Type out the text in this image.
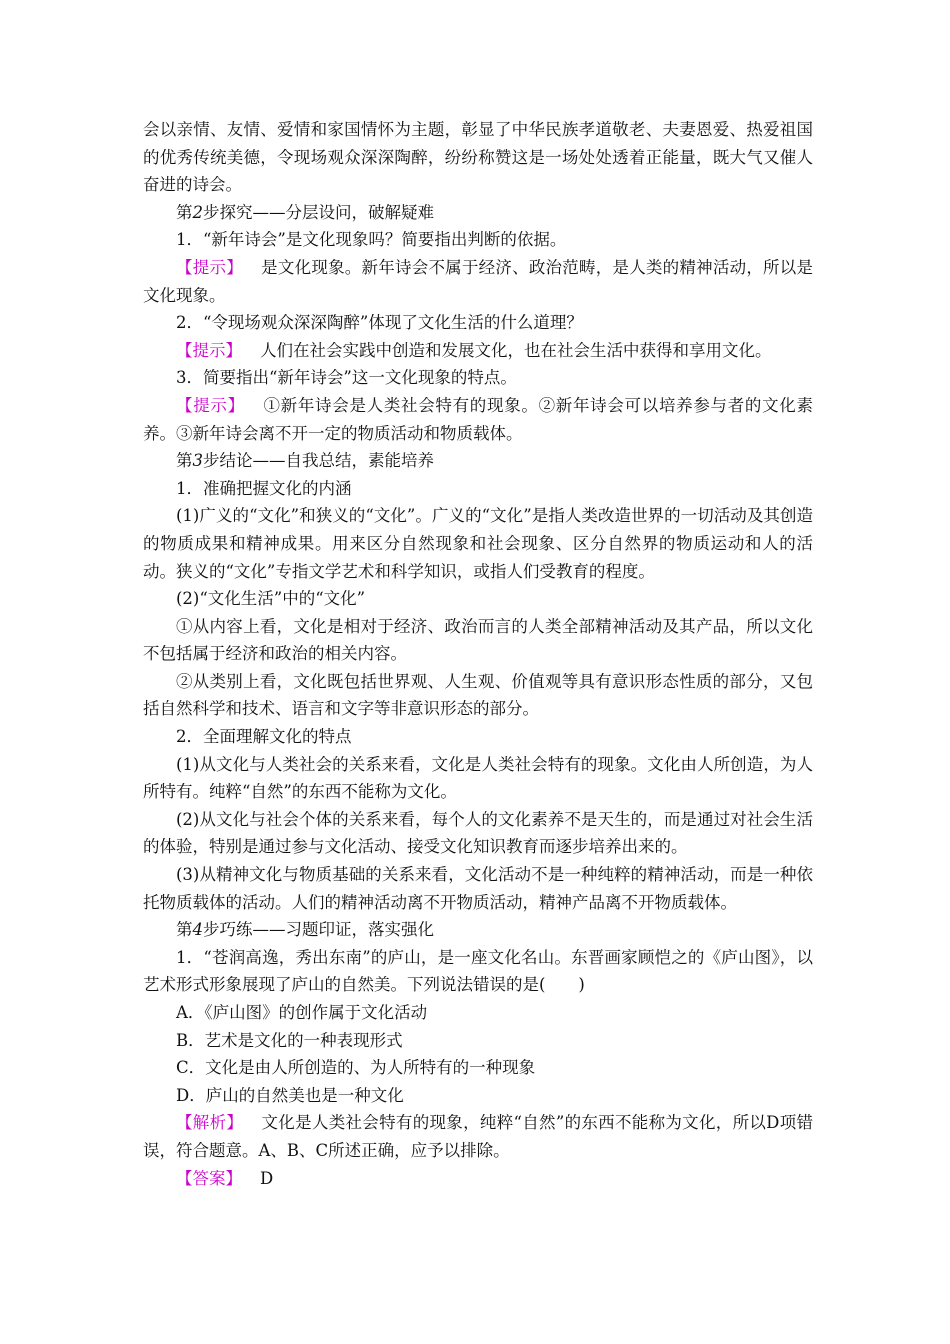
会以亲情、友情、爱情和家国情怀为主题，彰显了中华民族孝道敬老、夫妻恩爱、热爱祖国的优秀传统美德，令现场观众深深陶醉，纷纷称赞这是一场处处透着正能量，既大气又催人奋进的诗会。

第2步探究——分层设问，破解疑难

1．“新年诗会”是文化现象吗？简要指出判断的依据。

【提示】 是文化现象。新年诗会不属于经济、政治范畴，是人类的精神活动，所以是文化现象。

2．“令现场观众深深陶醉”体现了文化生活的什么道理？

【提示】 人们在社会实践中创造和发展文化，也在社会生活中获得和享用文化。

3．简要指出“新年诗会”这一文化现象的特点。

【提示】 ①新年诗会是人类社会特有的现象。②新年诗会可以培养参与者的文化素养。③新年诗会离不开一定的物质活动和物质载体。

第3步结论——自我总结，素能培养

1．准确把握文化的内涵

(1)广义的“文化”和狭义的“文化”。广义的“文化”是指人类改造世界的一切活动及其创造的物质成果和精神成果。用来区分自然现象和社会现象、区分自然界的物质运动和人的活动。狭义的“文化”专指文学艺术和科学知识，或指人们受教育的程度。

(2)“文化生活”中的“文化”

①从内容上看，文化是相对于经济、政治而言的人类全部精神活动及其产品，所以文化不包括属于经济和政治的相关内容。

②从类别上看，文化既包括世界观、人生观、价值观等具有意识形态性质的部分，又包括自然科学和技术、语言和文字等非意识形态的部分。

2．全面理解文化的特点

(1)从文化与人类社会的关系来看，文化是人类社会特有的现象。文化由人所创造，为人所特有。纯粹“自然”的东西不能称为文化。

(2)从文化与社会个体的关系来看，每个人的文化素养不是天生的，而是通过对社会生活的体验，特别是通过参与文化活动、接受文化知识教育而逐步培养出来的。

(3)从精神文化与物质基础的关系来看，文化活动不是一种纯粹的精神活动，而是一种依托物质载体的活动。人们的精神活动离不开物质活动，精神产品离不开物质载体。

第4步巧练——习题印证，落实强化

1．“苍润高逸，秀出东南”的庐山，是一座文化名山。东晋画家顾恺之的《庐山图》，以艺术形式形象展现了庐山的自然美。下列说法错误的是(　　)

A．《庐山图》的创作属于文化活动

B．艺术是文化的一种表现形式

C．文化是由人所创造的、为人所特有的一种现象

D．庐山的自然美也是一种文化

【解析】 文化是人类社会特有的现象，纯粹“自然”的东西不能称为文化，所以D项错误，符合题意。A、B、C所述正确，应予以排除。

【答案】 D
